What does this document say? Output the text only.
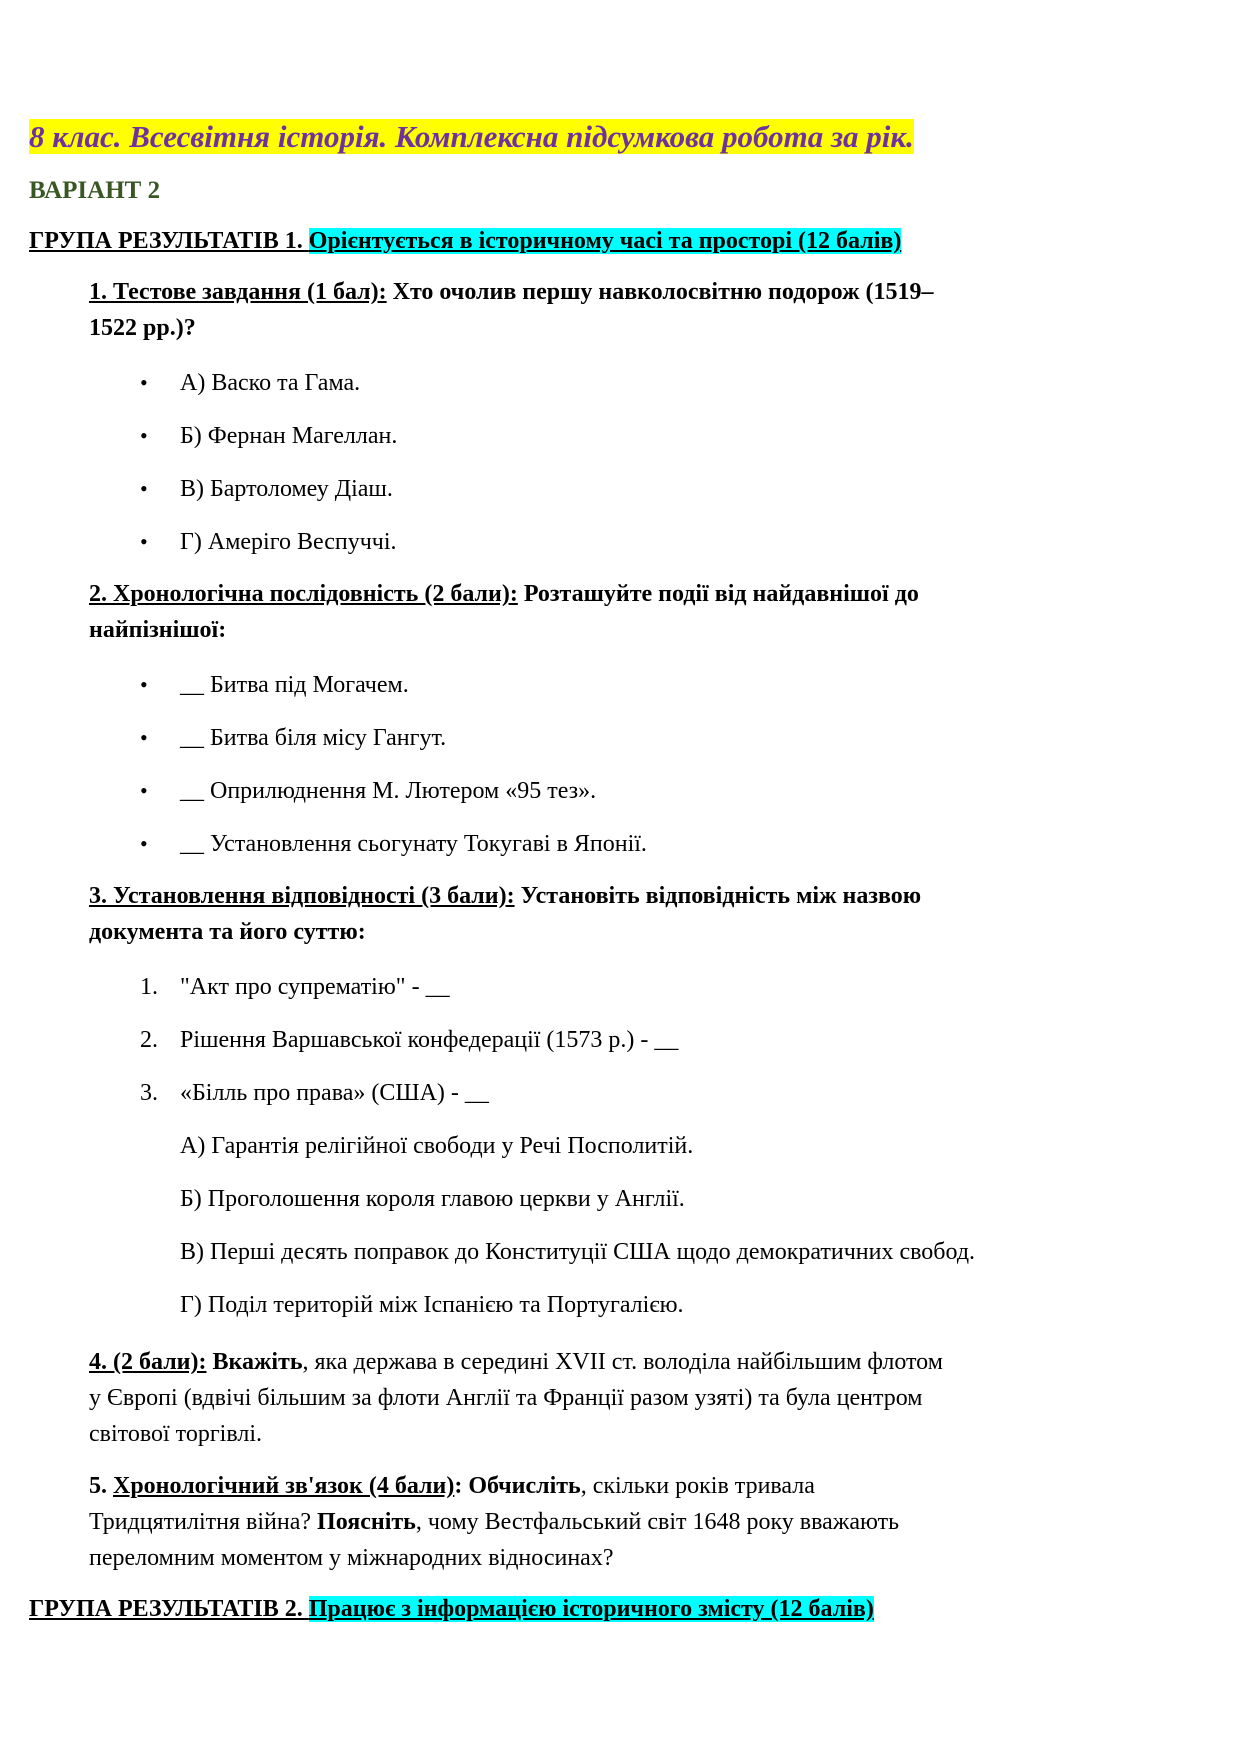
8 клас. Всесвітня історія. Комплексна підсумкова робота за рік.
ВАРІАНТ 2
ГРУПА РЕЗУЛЬТАТІВ 1. Орієнтується в історичному часі та просторі (12 балів)
1. Тестове завдання (1 бал): Хто очолив першу навколосвітню подорож (1519–
1522 рр.)?
• А) Васко та Гама.
• Б) Фернан Магеллан.
• В) Бартоломеу Діаш.
• Г) Амеріго Веспуччі.
2. Хронологічна послідовність (2 бали): Розташуйте події від найдавнішої до
найпізнішої:
• __ Битва під Могачем.
• __ Битва біля місу Гангут.
• __ Оприлюднення М. Лютером «95 тез».
• __ Установлення сьогунату Токугаві в Японії.
3. Установлення відповідності (3 бали): Установіть відповідність між назвою
документа та його суттю:
1. "Акт про супрематію" - __
2. Рішення Варшавської конфедерації (1573 р.) - __
3. «Білль про права» (США) - __
А) Гарантія релігійної свободи у Речі Посполитій.
Б) Проголошення короля главою церкви у Англії.
В) Перші десять поправок до Конституції США щодо демократичних свобод.
Г) Поділ територій між Іспанією та Португалією.
4. (2 бали): Вкажіть, яка держава в середині XVII ст. володіла найбільшим флотом
у Європі (вдвічі більшим за флоти Англії та Франції разом узяті) та була центром
світової торгівлі.
5. Хронологічний зв'язок (4 бали): Обчисліть, скільки років тривала
Тридцятилітня війна? Поясніть, чому Вестфальський світ 1648 року вважають
переломним моментом у міжнародних відносинах?
ГРУПА РЕЗУЛЬТАТІВ 2. Працює з інформацією історичного змісту (12 балів)
